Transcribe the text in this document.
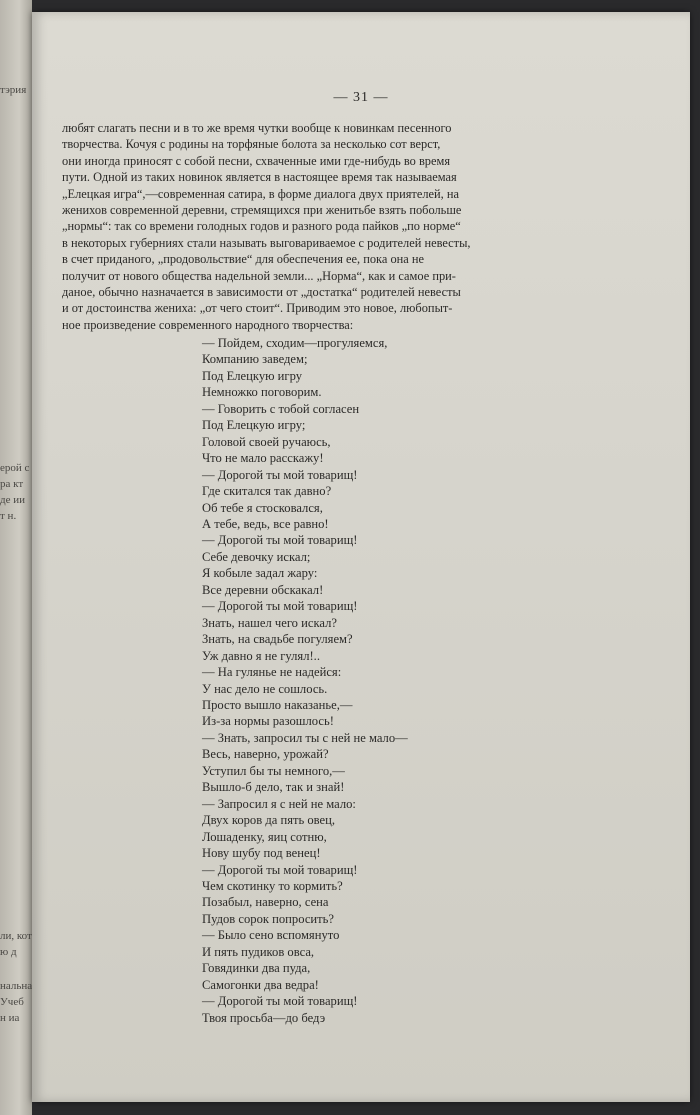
тэрия
ерой с
ра кт
де ии
т н.
ли, кот
ю д
нальна
Учеб
н иа
— 31 —
любят слагать песни и в то же время чутки вообще к новинкам песенного
творчества. Кочуя с родины на торфяные болота за несколько сот верст,
они иногда приносят с собой песни, схваченные ими где-нибудь во время
пути. Одной из таких новинок является в настоящее время так называемая
„Елецкая игра“,—современная сатира, в форме диалога двух приятелей, на
женихов современной деревни, стремящихся при женитьбе взять побольше
„нормы“: так со времени голодных годов и разного рода пайков „по норме“
в некоторых губерниях стали называть выговариваемое с родителей невесты,
в счет приданого, „продовольствие“ для обеспечения ее, пока она не
получит от нового общества надельной земли... „Норма“, как и самое при-
даное, обычно назначается в зависимости от „достатка“ родителей невесты
и от достоинства жениха: „от чего стоит“. Приводим это новое, любопыт-
ное произведение современного народного творчества:
— Пойдем, сходим—прогуляемся,
Компанию заведем;
Под Елецкую игру
Немножко поговорим.
— Говорить с тобой согласен
Под Елецкую игру;
Головой своей ручаюсь,
Что не мало расскажу!
— Дорогой ты мой товарищ!
Где скитался так давно?
Об тебе я стосковался,
А тебе, ведь, все равно!
— Дорогой ты мой товарищ!
Себе девочку искал;
Я кобыле задал жару:
Все деревни обскакал!
— Дорогой ты мой товарищ!
Знать, нашел чего искал?
Знать, на свадьбе погуляем?
Уж давно я не гулял!..
— На гулянье не надейся:
У нас дело не сошлось.
Просто вышло наказанье,—
Из-за нормы разошлось!
— Знать, запросил ты с ней не мало—
Весь, наверно, урожай?
Уступил бы ты немного,—
Вышло-б дело, так и знай!
— Запросил я с ней не мало:
Двух коров да пять овец,
Лошаденку, яиц сотню,
Нову шубу под венец!
— Дорогой ты мой товарищ!
Чем скотинку то кормить?
Позабыл, наверно, сена
Пудов сорок попросить?
— Было сено вспомянуто
И пять пудиков овса,
Говядинки два пуда,
Самогонки два ведра!
— Дорогой ты мой товарищ!
Твоя просьба—до бедэ
